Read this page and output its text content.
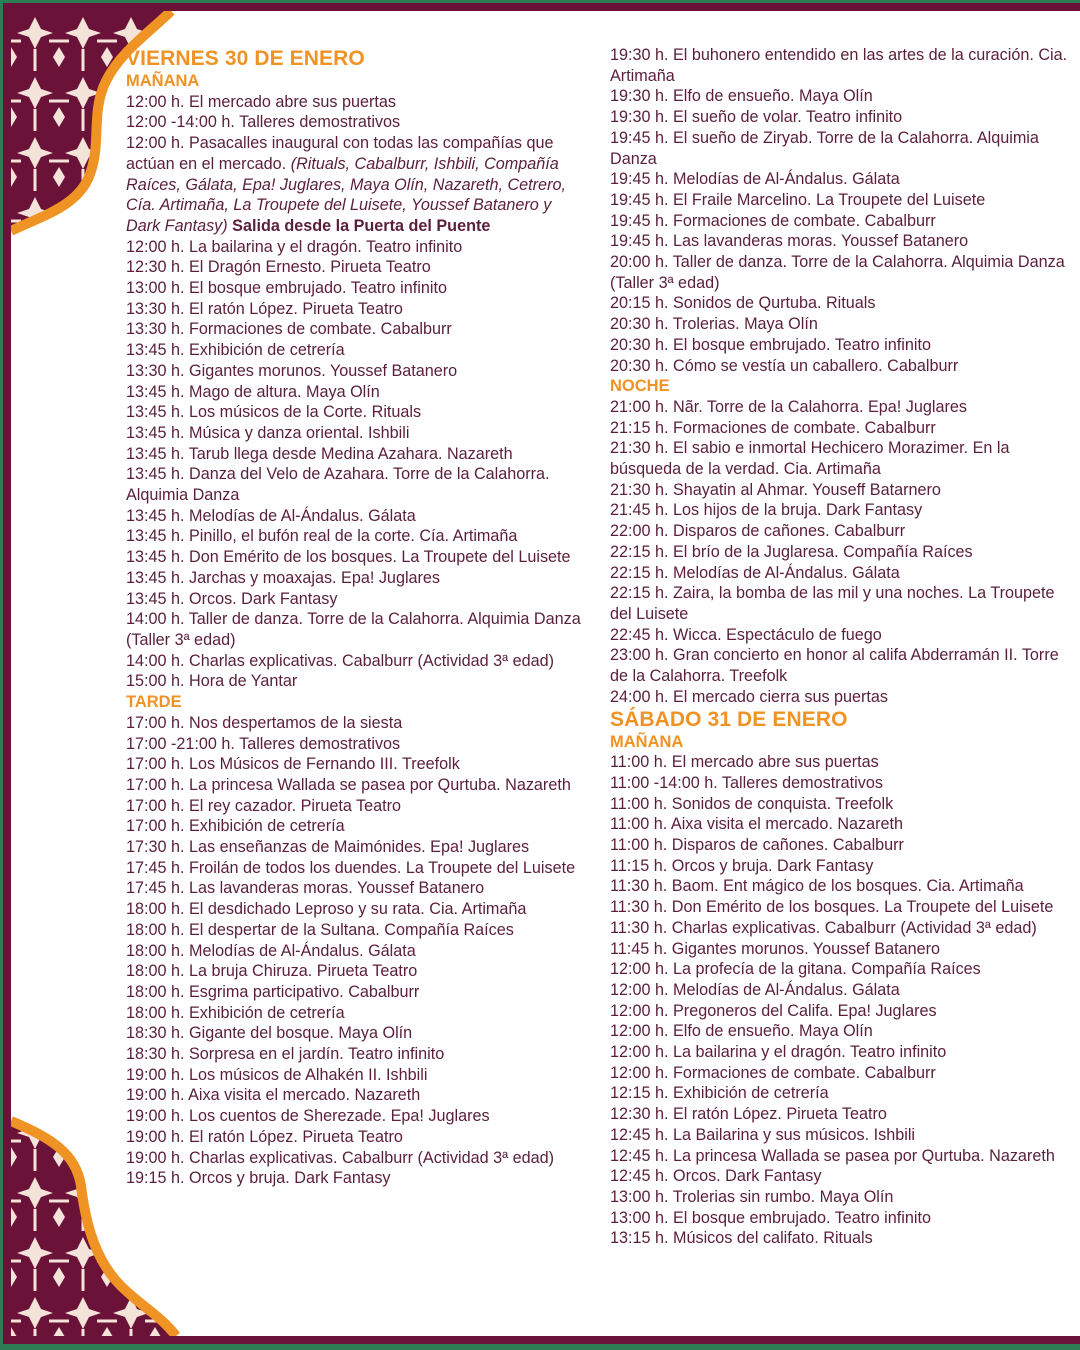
VIERNES 30 DE ENERO
MAÑANA
12:00 h. El mercado abre sus puertas
12:00 -14:00 h. Talleres demostrativos
12:00 h. Pasacalles inaugural con todas las compañías que actúan en el mercado. (Rituals, Cabalburr, Ishbili, Compañía Raíces, Gálata, Epa! Juglares, Maya Olín, Nazareth, Cetrero, Cía. Artimaña, La Troupete del Luisete, Youssef Batanero y Dark Fantasy) Salida desde la Puerta del Puente
12:00 h. La bailarina y el dragón. Teatro infinito
12:30 h. El Dragón Ernesto. Pirueta Teatro
13:00 h. El bosque embrujado. Teatro infinito
13:30 h. El ratón López. Pirueta Teatro
13:30 h. Formaciones de combate. Cabalburr
13:45 h. Exhibición de cetrería
13:30 h. Gigantes morunos. Youssef Batanero
13:45 h. Mago de altura. Maya Olín
13:45 h. Los músicos de la Corte. Rituals
13:45 h. Música y danza oriental. Ishbili
13:45 h. Tarub llega desde Medina Azahara. Nazareth
13:45 h. Danza del Velo de Azahara. Torre de la Calahorra. Alquimia Danza
13:45 h. Melodías de Al-Ándalus. Gálata
13:45 h. Pinillo, el bufón real de la corte. Cía. Artimaña
13:45 h. Don Emérito de los bosques. La Troupete del Luisete
13:45 h. Jarchas y moaxajas. Epa! Juglares
13:45 h. Orcos. Dark Fantasy
14:00 h. Taller de danza. Torre de la Calahorra. Alquimia Danza (Taller 3ª edad)
14:00 h. Charlas explicativas. Cabalburr (Actividad 3ª edad)
15:00 h. Hora de Yantar
TARDE
17:00 h. Nos despertamos de la siesta
17:00 -21:00 h. Talleres demostrativos
17:00 h. Los Músicos de Fernando III. Treefolk
17:00 h. La princesa Wallada se pasea por Qurtuba. Nazareth
17:00 h. El rey cazador. Pirueta Teatro
17:00 h. Exhibición de cetrería
17:30 h. Las enseñanzas de Maimónides. Epa! Juglares
17:45 h. Froilán de todos los duendes. La Troupete del Luisete
17:45 h. Las lavanderas moras. Youssef Batanero
18:00 h. El desdichado Leproso y su rata. Cia. Artimaña
18:00 h. El despertar de la Sultana. Compañía Raíces
18:00 h. Melodías de Al-Ándalus. Gálata
18:00 h. La bruja Chiruza. Pirueta Teatro
18:00 h. Esgrima participativo. Cabalburr
18:00 h. Exhibición de cetrería
18:30 h. Gigante del bosque. Maya Olín
18:30 h. Sorpresa en el jardín. Teatro infinito
19:00 h. Los músicos de Alhakén II. Ishbili
19:00 h. Aixa visita el mercado. Nazareth
19:00 h. Los cuentos de Sherezade. Epa! Juglares
19:00 h. El ratón López. Pirueta Teatro
19:00 h. Charlas explicativas. Cabalburr (Actividad 3ª edad)
19:15 h. Orcos y bruja. Dark Fantasy
19:30 h. El buhonero entendido en las artes de la curación. Cia. Artimaña
19:30 h. Elfo de ensueño. Maya Olín
19:30 h. El sueño de volar. Teatro infinito
19:45 h. El sueño de Ziryab. Torre de la Calahorra. Alquimia Danza
19:45 h. Melodías de Al-Ándalus. Gálata
19:45 h. El Fraile Marcelino. La Troupete del Luisete
19:45 h. Formaciones de combate. Cabalburr
19:45 h. Las lavanderas moras. Youssef Batanero
20:00 h. Taller de danza. Torre de la Calahorra. Alquimia Danza (Taller 3ª edad)
20:15 h. Sonidos de Qurtuba. Rituals
20:30 h. Trolerias. Maya Olín
20:30 h. El bosque embrujado. Teatro infinito
20:30 h. Cómo se vestía un caballero. Cabalburr
NOCHE
21:00 h. Nãr. Torre de la Calahorra. Epa! Juglares
21:15 h. Formaciones de combate. Cabalburr
21:30 h. El sabio e inmortal Hechicero Morazimer. En la búsqueda de la verdad. Cia. Artimaña
21:30 h. Shayatin al Ahmar. Youseff Batarnero
21:45 h. Los hijos de la bruja. Dark Fantasy
22:00 h. Disparos de cañones. Cabalburr
22:15 h. El brío de la Juglaresa. Compañía Raíces
22:15 h. Melodías de Al-Ándalus. Gálata
22:15 h. Zaira, la bomba de las mil y una noches. La Troupete del Luisete
22:45 h. Wicca. Espectáculo de fuego
23:00 h. Gran concierto en honor al califa Abderramán II. Torre de la Calahorra. Treefolk
24:00 h. El mercado cierra sus puertas
SÁBADO 31 DE ENERO
MAÑANA
11:00 h. El mercado abre sus puertas
11:00 -14:00 h. Talleres demostrativos
11:00 h. Sonidos de conquista. Treefolk
11:00 h. Aixa visita el mercado. Nazareth
11:00 h. Disparos de cañones. Cabalburr
11:15 h. Orcos y bruja. Dark Fantasy
11:30 h. Baom. Ent mágico de los bosques. Cia. Artimaña
11:30 h. Don Emérito de los bosques. La Troupete del Luisete
11:30 h. Charlas explicativas. Cabalburr (Actividad 3ª edad)
11:45 h. Gigantes morunos. Youssef Batanero
12:00 h. La profecía de la gitana. Compañía Raíces
12:00 h. Melodías de Al-Ándalus. Gálata
12:00 h. Pregoneros del Califa. Epa! Juglares
12:00 h. Elfo de ensueño. Maya Olín
12:00 h. La bailarina y el dragón. Teatro infinito
12:00 h. Formaciones de combate. Cabalburr
12:15 h. Exhibición de cetrería
12:30 h. El ratón López. Pirueta Teatro
12:45 h. La Bailarina y sus músicos. Ishbili
12:45 h. La princesa Wallada se pasea por Qurtuba. Nazareth
12:45 h. Orcos. Dark Fantasy
13:00 h. Trolerias sin rumbo. Maya Olín
13:00 h. El bosque embrujado. Teatro infinito
13:15 h. Músicos del califato. Rituals
